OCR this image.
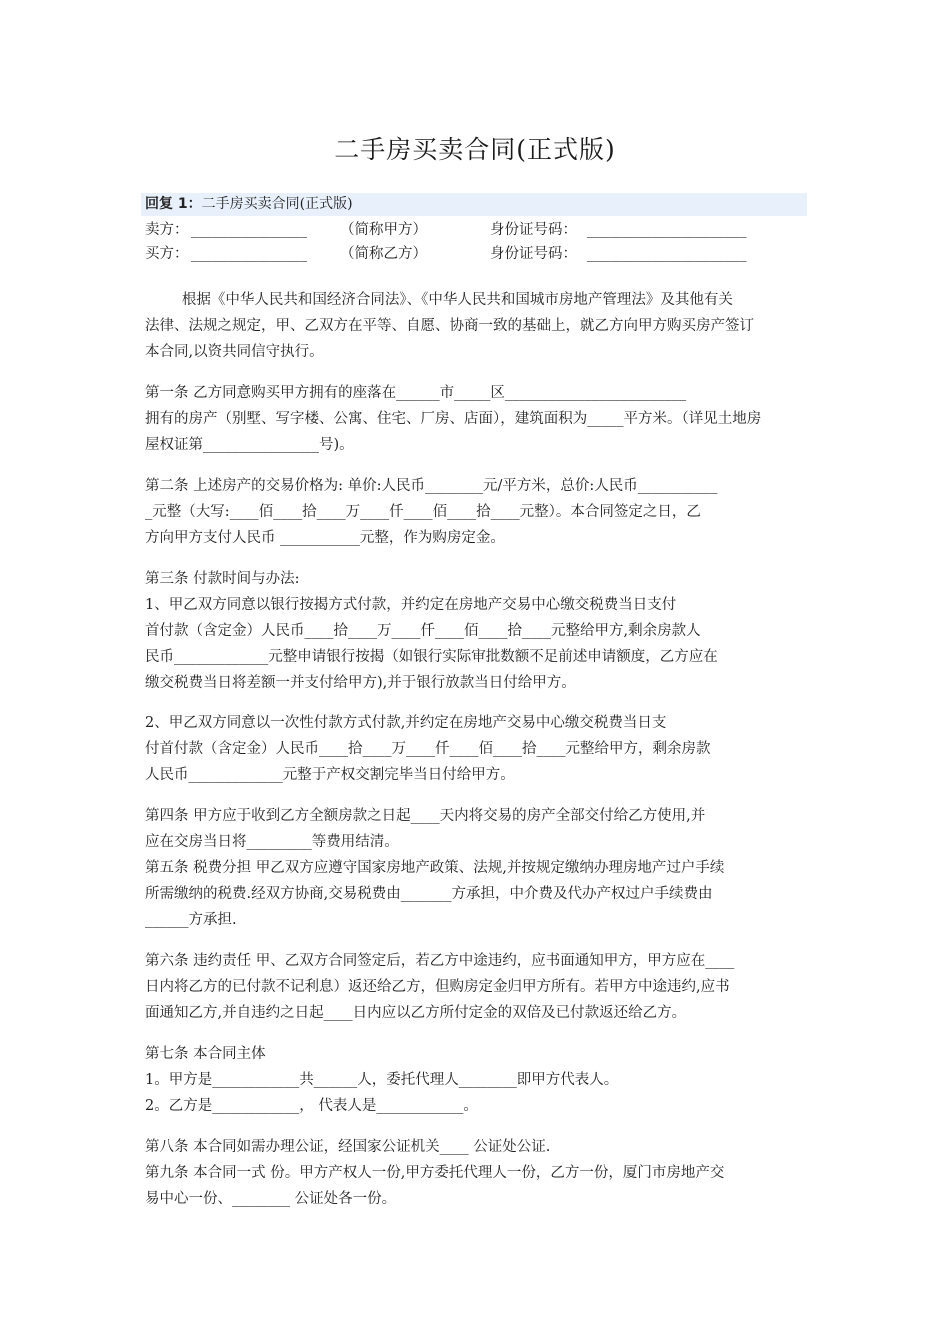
二手房买卖合同(正式版)
回复 1：二手房买卖合同(正式版)
卖方： ________________ （简称甲方）	身份证号码： ______________________
买方： ________________ （简称乙方）	身份证号码： ______________________
根据《中华人民共和国经济合同法》、《中华人民共和国城市房地产管理法》及其他有关
法律、法规之规定，甲、乙双方在平等、自愿、协商一致的基础上，就乙方向甲方购买房产签订
本合同,以资共同信守执行。
第一条 乙方同意购买甲方拥有的座落在______市_____区_________________________
拥有的房产（别墅、写字楼、公寓、住宅、厂房、店面），建筑面积为_____平方米。（详见土地房
屋权证第________________号)。
第二条 上述房产的交易价格为: 单价:人民币________元/平方米，总价:人民币___________
_元整（大写:____佰____拾____万____仟____佰____拾____元整）。本合同签定之日，乙
方向甲方支付人民币 ___________元整，作为购房定金。
第三条 付款时间与办法:
1、甲乙双方同意以银行按揭方式付款，并约定在房地产交易中心缴交税费当日支付
首付款（含定金）人民币____拾____万____仟____佰____拾____元整给甲方,剩余房款人
民币_____________元整申请银行按揭（如银行实际审批数额不足前述申请额度，乙方应在
缴交税费当日将差额一并支付给甲方),并于银行放款当日付给甲方。
2、甲乙双方同意以一次性付款方式付款,并约定在房地产交易中心缴交税费当日支
付首付款（含定金）人民币____拾____万____仟____佰____拾____元整给甲方，剩余房款
人民币_____________元整于产权交割完毕当日付给甲方。
第四条 甲方应于收到乙方全额房款之日起____天内将交易的房产全部交付给乙方使用,并
应在交房当日将_________等费用结清。
第五条 税费分担 甲乙双方应遵守国家房地产政策、法规,并按规定缴纳办理房地产过户手续
所需缴纳的税费.经双方协商,交易税费由_______方承担，中介费及代办产权过户手续费由
______方承担.
第六条 违约责任 甲、乙双方合同签定后，若乙方中途违约，应书面通知甲方，甲方应在____
日内将乙方的已付款不记利息）返还给乙方，但购房定金归甲方所有。若甲方中途违约,应书
面通知乙方,并自违约之日起____日内应以乙方所付定金的双倍及已付款返还给乙方。
第七条 本合同主体
1。甲方是____________共______人，委托代理人________即甲方代表人。
2。乙方是____________， 代表人是____________。
第八条 本合同如需办理公证，经国家公证机关____ 公证处公证.
第九条 本合同一式 份。甲方产权人一份,甲方委托代理人一份，乙方一份，厦门市房地产交
易中心一份、________ 公证处各一份。
